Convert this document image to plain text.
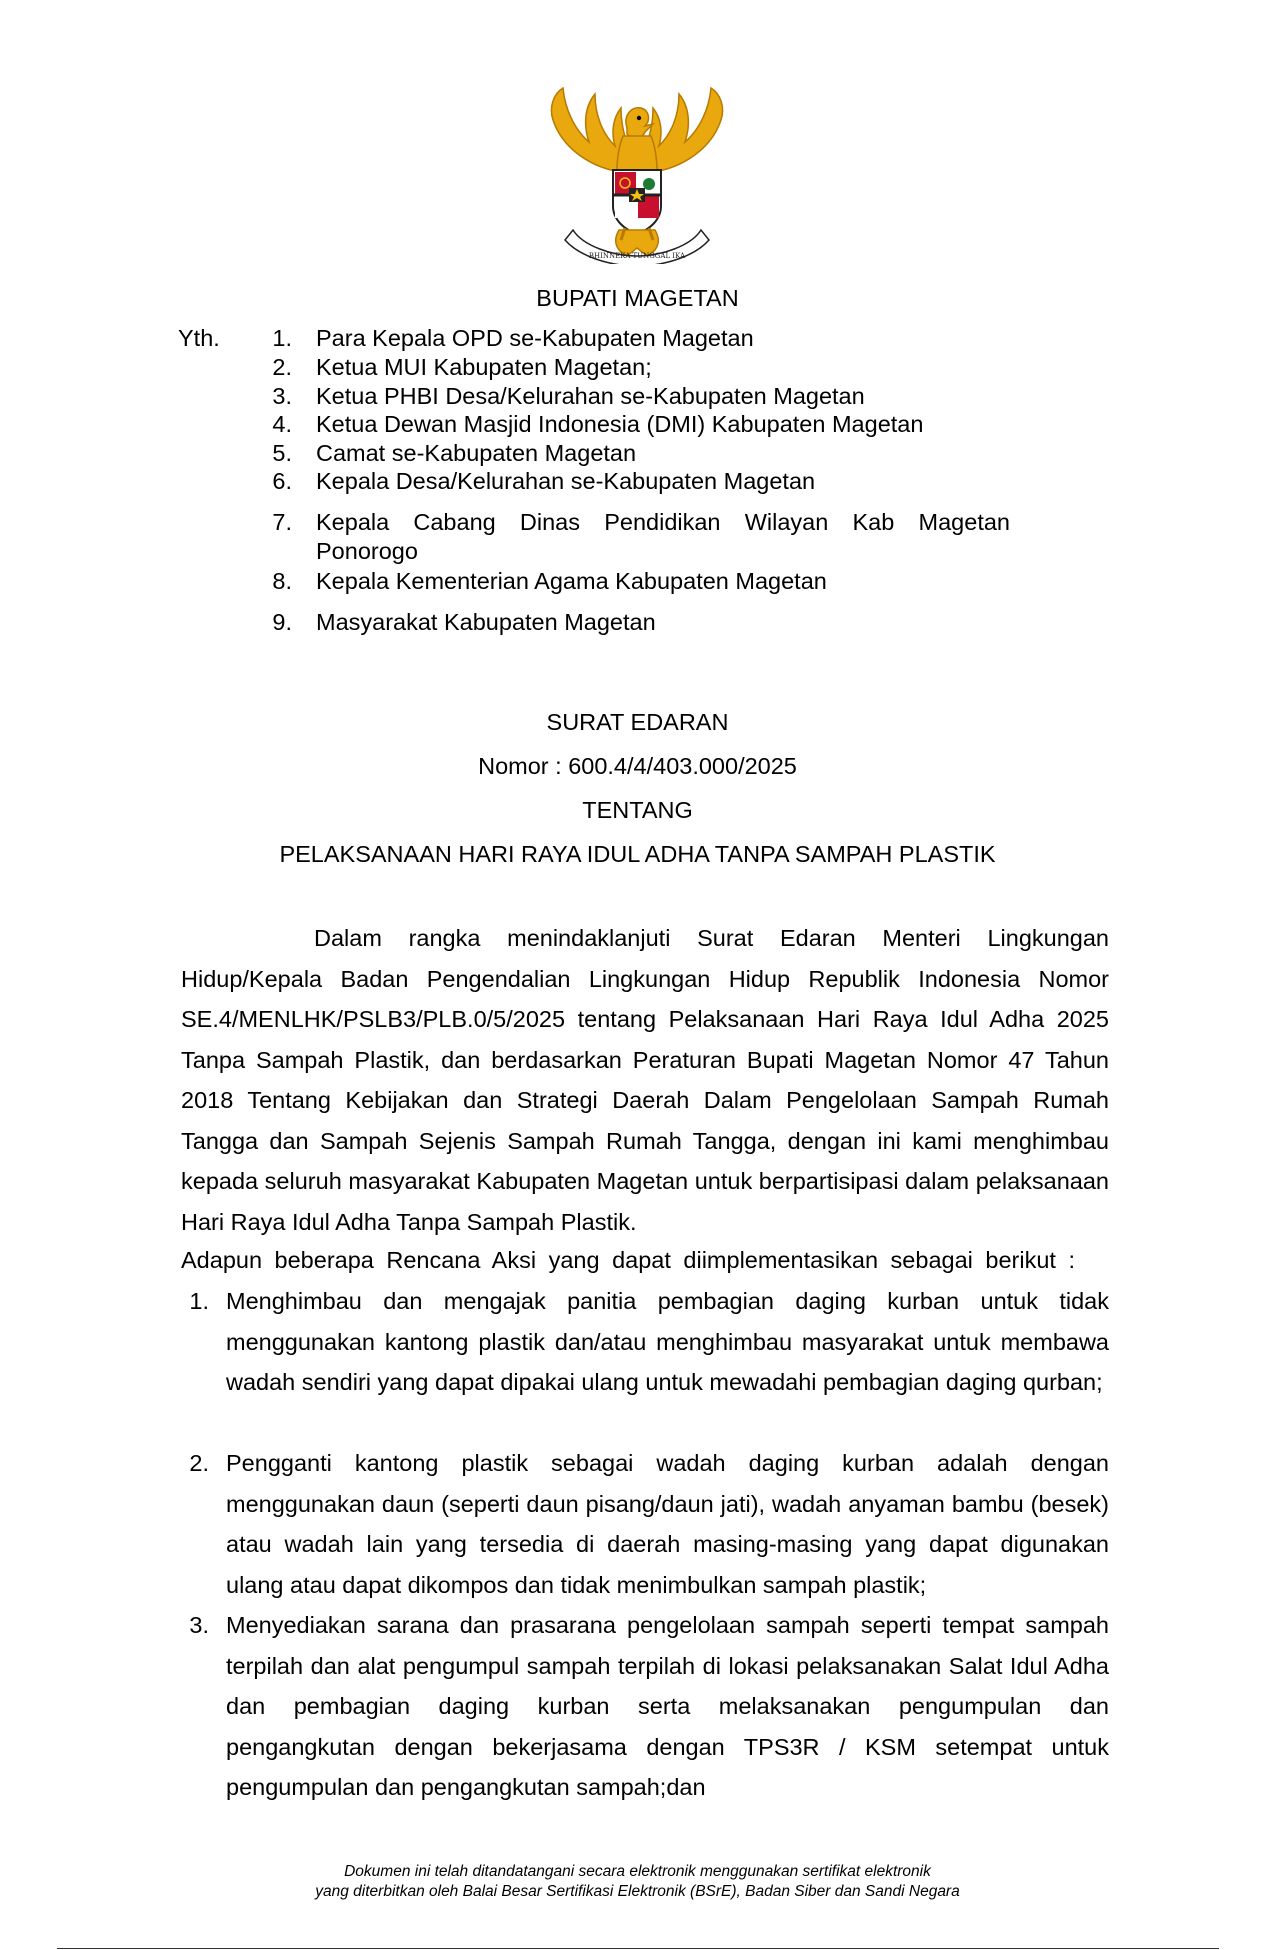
BHINNEKA TUNGGAL IKA
BUPATI MAGETAN
Yth.	1. Para Kepala OPD se-Kabupaten Magetan
2. Ketua MUI Kabupaten Magetan;
3. Ketua PHBI Desa/Kelurahan se-Kabupaten Magetan
4. Ketua Dewan Masjid Indonesia (DMI) Kabupaten Magetan
5. Camat se-Kabupaten Magetan
6. Kepala Desa/Kelurahan se-Kabupaten Magetan
7. Kepala Cabang Dinas Pendidikan Wilayan Kab Magetan
Ponorogo
8. Kepala Kementerian Agama Kabupaten Magetan
9. Masyarakat Kabupaten Magetan
SURAT EDARAN
Nomor : 600.4/4/403.000/2025
TENTANG
PELAKSANAAN HARI RAYA IDUL ADHA TANPA SAMPAH PLASTIK

Dalam rangka menindaklanjuti Surat Edaran Menteri Lingkungan Hidup/Kepala Badan Pengendalian Lingkungan Hidup Republik Indonesia Nomor SE.4/MENLHK/PSLB3/PLB.0/5/2025 tentang Pelaksanaan Hari Raya Idul Adha 2025 Tanpa Sampah Plastik, dan berdasarkan Peraturan Bupati Magetan Nomor 47 Tahun 2018 Tentang Kebijakan dan Strategi Daerah Dalam Pengelolaan Sampah Rumah Tangga dan Sampah Sejenis Sampah Rumah Tangga, dengan ini kami menghimbau kepada seluruh masyarakat Kabupaten Magetan untuk berpartisipasi dalam pelaksanaan Hari Raya Idul Adha Tanpa Sampah Plastik.

Adapun beberapa Rencana Aksi yang dapat diimplementasikan sebagai berikut :

1. Menghimbau dan mengajak panitia pembagian daging kurban untuk tidak menggunakan kantong plastik dan/atau menghimbau masyarakat untuk membawa wadah sendiri yang dapat dipakai ulang untuk mewadahi pembagian daging qurban;
2. Pengganti kantong plastik sebagai wadah daging kurban adalah dengan menggunakan daun (seperti daun pisang/daun jati), wadah anyaman bambu (besek) atau wadah lain yang tersedia di daerah masing-masing yang dapat digunakan ulang atau dapat dikompos dan tidak menimbulkan sampah plastik;
3. Menyediakan sarana dan prasarana pengelolaan sampah seperti tempat sampah terpilah dan alat pengumpul sampah terpilah di lokasi pelaksanakan Salat Idul Adha dan pembagian daging kurban serta melaksanakan pengumpulan dan pengangkutan dengan bekerjasama dengan TPS3R / KSM setempat untuk pengumpulan dan pengangkutan sampah;dan
Dokumen ini telah ditandatangani secara elektronik menggunakan sertifikat elektronik
yang diterbitkan oleh Balai Besar Sertifikasi Elektronik (BSrE), Badan Siber dan Sandi Negara
